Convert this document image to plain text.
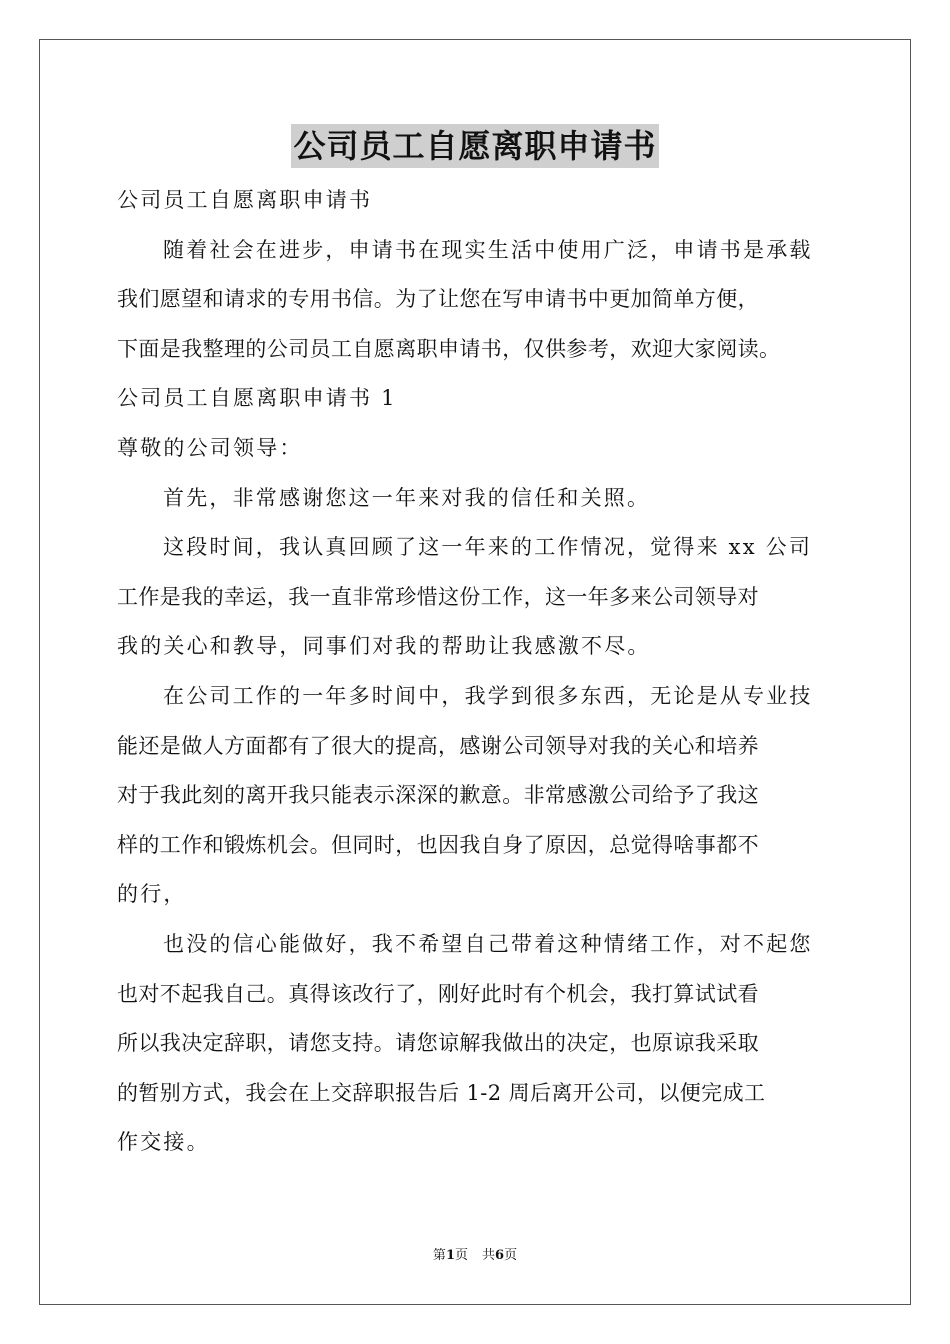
公司员工自愿离职申请书

公司员工自愿离职申请书

随着社会在进步，申请书在现实生活中使用广泛，申请书是承载

我们愿望和请求的专用书信。为了让您在写申请书中更加简单方便，

下面是我整理的公司员工自愿离职申请书，仅供参考，欢迎大家阅读。

公司员工自愿离职申请书 1

尊敬的公司领导：

首先，非常感谢您这一年来对我的信任和关照。

这段时间，我认真回顾了这一年来的工作情况，觉得来 xx 公司

工作是我的幸运，我一直非常珍惜这份工作，这一年多来公司领导对

我的关心和教导，同事们对我的帮助让我感激不尽。

在公司工作的一年多时间中，我学到很多东西，无论是从专业技

能还是做人方面都有了很大的提高，感谢公司领导对我的关心和培养

对于我此刻的离开我只能表示深深的歉意。非常感激公司给予了我这

样的工作和锻炼机会。但同时，也因我自身了原因，总觉得啥事都不

的行，

也没的信心能做好，我不希望自己带着这种情绪工作，对不起您

也对不起我自己。真得该改行了，刚好此时有个机会，我打算试试看

所以我决定辞职，请您支持。请您谅解我做出的决定，也原谅我采取

的暂别方式，我会在上交辞职报告后 1-2 周后离开公司，以便完成工

作交接。

第1页 共6页
